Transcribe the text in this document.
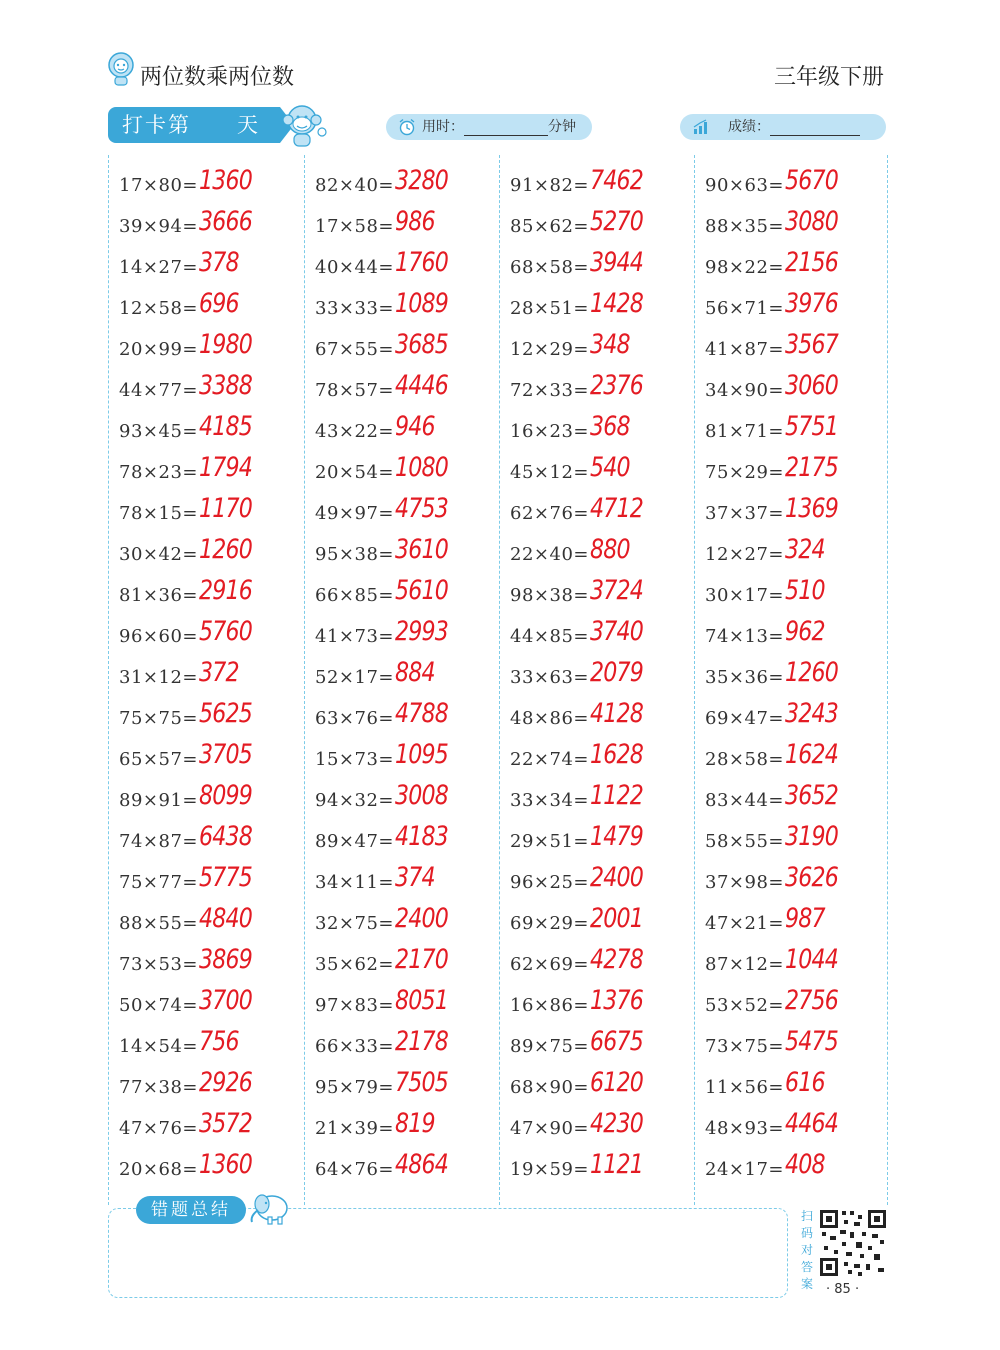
两位数乘两位数	三年级下册
打卡第　　天	用时：	分钟	成绩：
17×80= 1360
39×94= 3666
14×27= 378
12×58= 696
20×99= 1980
44×77= 3388
93×45= 4185
78×23= 1794
78×15= 1170
30×42= 1260
81×36= 2916
96×60= 5760
31×12= 372
75×75= 5625
65×57= 3705
89×91= 8099
74×87= 6438
75×77= 5775
88×55= 4840
73×53= 3869
50×74= 3700
14×54= 756
77×38= 2926
47×76= 3572
20×68= 1360
82×40= 3280
17×58= 986
40×44= 1760
33×33= 1089
67×55= 3685
78×57= 4446
43×22= 946
20×54= 1080
49×97= 4753
95×38= 3610
66×85= 5610
41×73= 2993
52×17= 884
63×76= 4788
15×73= 1095
94×32= 3008
89×47= 4183
34×11= 374
32×75= 2400
35×62= 2170
97×83= 8051
66×33= 2178
95×79= 7505
21×39= 819
64×76= 4864
91×82= 7462
85×62= 5270
68×58= 3944
28×51= 1428
12×29= 348
72×33= 2376
16×23= 368
45×12= 540
62×76= 4712
22×40= 880
98×38= 3724
44×85= 3740
33×63= 2079
48×86= 4128
22×74= 1628
33×34= 1122
29×51= 1479
96×25= 2400
69×29= 2001
62×69= 4278
16×86= 1376
89×75= 6675
68×90= 6120
47×90= 4230
19×59= 1121
90×63= 5670
88×35= 3080
98×22= 2156
56×71= 3976
41×87= 3567
34×90= 3060
81×71= 5751
75×29= 2175
37×37= 1369
12×27= 324
30×17= 510
74×13= 962
35×36= 1260
69×47= 3243
28×58= 1624
83×44= 3652
58×55= 3190
37×98= 3626
47×21= 987
87×12= 1044
53×52= 2756
73×75= 5475
11×56= 616
48×93= 4464
24×17= 408
错题总结	扫码对答案 · 85 ·
